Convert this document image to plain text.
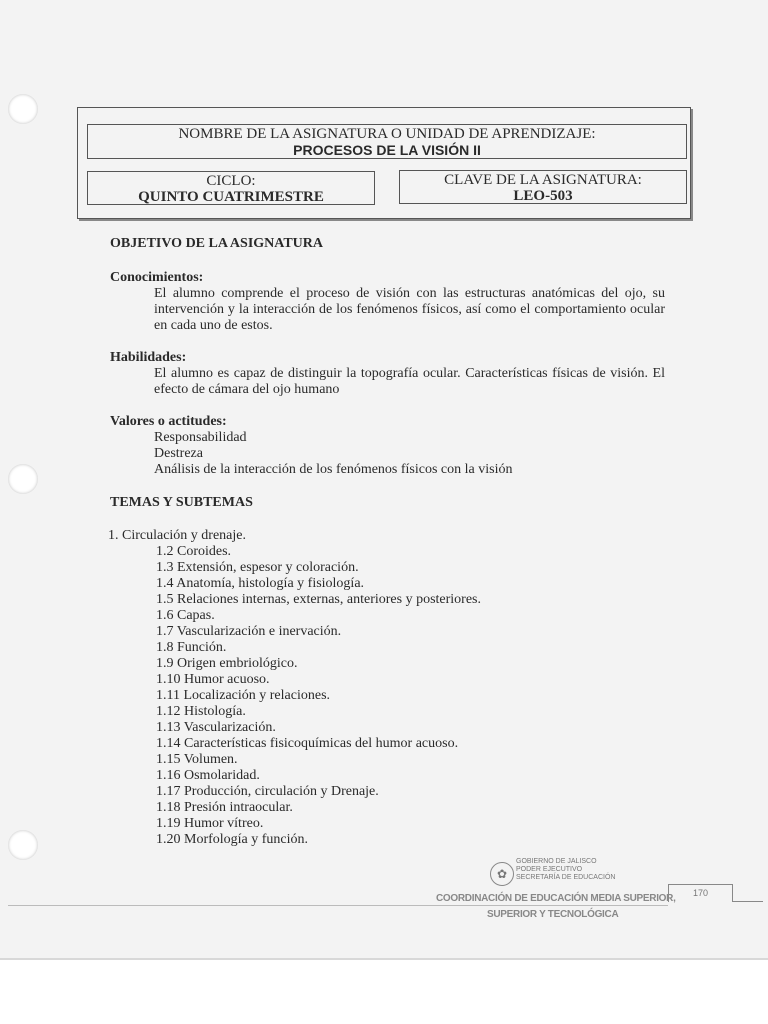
NOMBRE DE LA ASIGNATURA O UNIDAD DE APRENDIZAJE:
PROCESOS DE LA VISIÓN II
CICLO:
QUINTO CUATRIMESTRE
CLAVE DE LA ASIGNATURA:
LEO-503
OBJETIVO DE LA ASIGNATURA
Conocimientos:
El alumno comprende el proceso de visión con las estructuras anatómicas del ojo, su intervención y la interacción de los fenómenos físicos, así como el comportamiento ocular en cada uno de estos.
Habilidades:
El alumno es capaz de distinguir la topografía ocular. Características físicas de visión. El efecto de cámara del ojo humano
Valores o actitudes:
Responsabilidad
Destreza
Análisis de la interacción de los fenómenos físicos con la visión
TEMAS Y SUBTEMAS
1. Circulación y drenaje.
1.2 Coroides.
1.3 Extensión, espesor y coloración.
1.4 Anatomía, histología y fisiología.
1.5 Relaciones internas, externas, anteriores y posteriores.
1.6 Capas.
1.7 Vascularización e inervación.
1.8 Función.
1.9 Origen embriológico.
1.10 Humor acuoso.
1.11 Localización y relaciones.
1.12 Histología.
1.13 Vascularización.
1.14 Características fisicoquímicas del humor acuoso.
1.15 Volumen.
1.16 Osmolaridad.
1.17 Producción, circulación y Drenaje.
1.18 Presión intraocular.
1.19 Humor vítreo.
1.20 Morfología y función.
✿
GOBIERNO DE JALISCO
PODER EJECUTIVO
SECRETARÍA DE EDUCACIÓN
COORDINACIÓN DE EDUCACIÓN MEDIA SUPERIOR,
SUPERIOR Y TECNOLÓGICA
170
